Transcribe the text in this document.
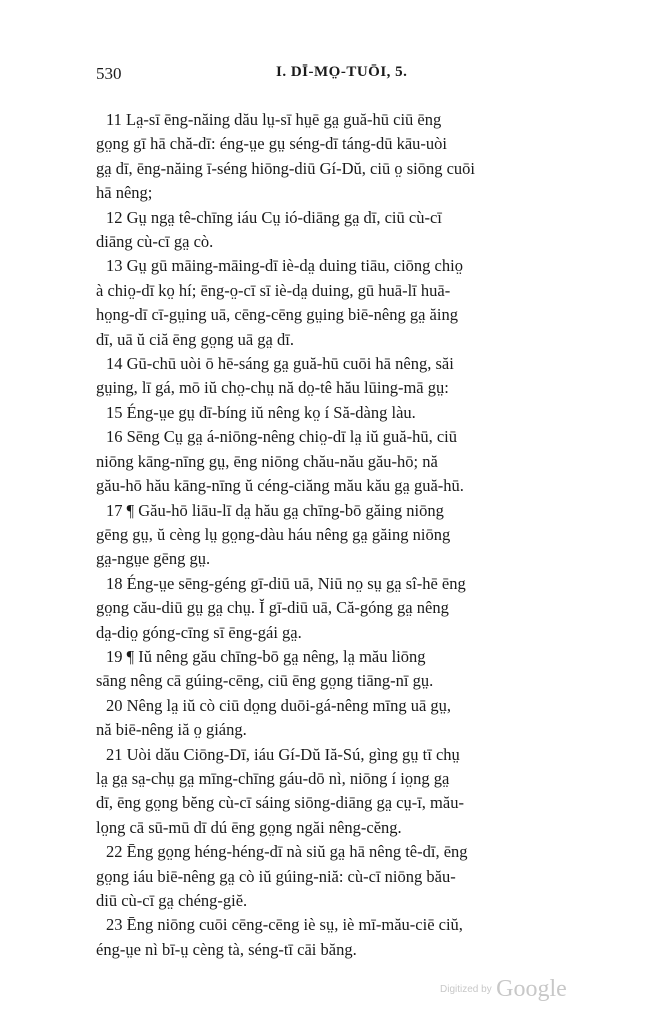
530	I. DĪ-MO̤-TUŌI, 5.

11 La̤-sī ēng-năing dău lṳ-sī hṳē ga̤ guă-hū ciū ēng
go̤ng gī hā chă-dī: éng-ṳe gṳ séng-dī táng-dū kāu-uòi
ga̤ dī, ēng-năing ī-séng hiōng-diū Gí-Dŭ, ciū o̤ siōng cuōi
hā nêng;

12 Gṳ nga̤ tê-chīng iáu Cṳ ió-diāng ga̤ dī, ciū cù-cī
diāng cù-cī ga̤ cò.

13 Gṳ gū māing-māing-dī iè-da̤ duing tiāu, ciōng chio̤
à chio̤-dī ko̤ hí; ēng-o̤-cī sī iè-da̤ duing, gū huā-lī huā-
ho̤ng-dī cī-gṳing uā, cēng-cēng gṳing biē-nêng ga̤ ăing
dī, uā ŭ ciă ēng go̤ng uā ga̤ dī.

14 Gū-chū uòi ō hē-sáng ga̤ guă-hū cuōi hā nêng, săi
gṳing, lī gá, mō iŭ cho̤-chṳ nă do̤-tê hău lūing-mā gṳ:

15 Éng-ṳe gṳ dī-bíng iŭ nêng ko̤ í Să-dàng làu.

16 Sēng Cṳ ga̤ á-niōng-nêng chio̤-dī la̤ iŭ guă-hū, ciū
niōng kāng-nīng gṳ, ēng niōng chău-nău gău-hō; nă
gău-hō hău kāng-nīng ŭ céng-ciăng mău kău ga̤ guă-hū.

17 ¶ Gău-hō liāu-lī da̤ hău ga̤ chīng-bō găing niōng
gēng gṳ, ŭ cèng lṳ go̤ng-dàu háu nêng ga̤ găing niōng
ga̤-ngṳe gēng gṳ.

18 Éng-ṳe sēng-géng gī-diū uā, Niū no̤ sṳ ga̤ sî-hē ēng
go̤ng cău-diū gṳ ga̤ chṳ. Ĭ gī-diū uā, Că-góng ga̤ nêng
da̤-dio̤ góng-cīng sī ēng-gái ga̤.

19 ¶ Iŭ nêng gău chīng-bō ga̤ nêng, la̤ mău liōng
sāng nêng cā gúing-cēng, ciū ēng go̤ng tiāng-nī gṳ.

20 Nêng la̤ iŭ cò ciū do̤ng duōi-gá-nêng mīng uā gṳ,
nă biē-nêng iă o̤ giáng.

21 Uòi dău Ciōng-Dī, iáu Gí-Dŭ Iă-Sú, gìng gṳ tī chṳ
la̤ ga̤ sa̤-chṳ ga̤ mīng-chīng gáu-dō nì, niōng í io̤ng ga̤
dī, ēng go̤ng bĕng cù-cī sáing siōng-diāng ga̤ cṳ-ī, mău-
lo̤ng cā sū-mū dī dú ēng go̤ng ngăi nêng-cĕng.

22 Ēng go̤ng héng-héng-dī nà siŭ ga̤ hā nêng tê-dī, ēng
go̤ng iáu biē-nêng ga̤ cò iŭ gúing-niă: cù-cī niōng bău-
diū cù-cī ga̤ chéng-giĕ.

23 Ēng niōng cuōi cēng-cēng iè sṳ, iè mī-mău-ciē ciŭ,
éng-ṳe nì bī-ṳ cèng tà, séng-tī cāi băng.

Digitized by Google
